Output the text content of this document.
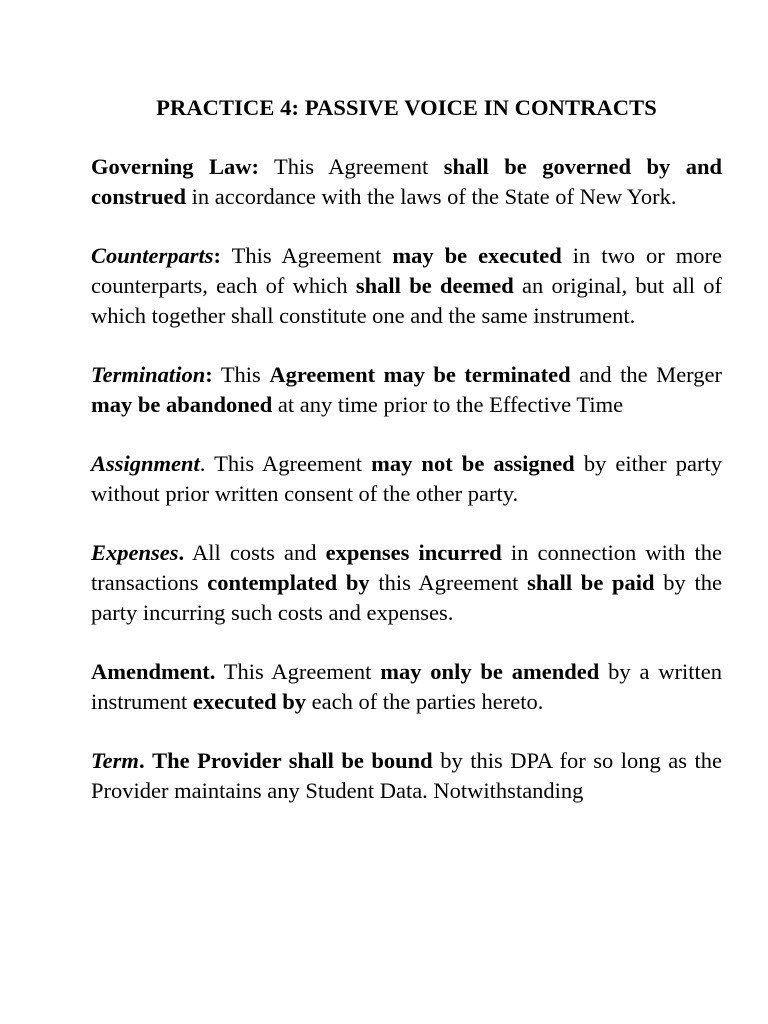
PRACTICE 4: PASSIVE VOICE IN CONTRACTS
Governing Law: This Agreement shall be governed by and construed in accordance with the laws of the State of New York.
Counterparts: This Agreement may be executed in two or more counterparts, each of which shall be deemed an original, but all of which together shall constitute one and the same instrument.
Termination: This Agreement may be terminated and the Merger may be abandoned at any time prior to the Effective Time
Assignment. This Agreement may not be assigned by either party without prior written consent of the other party.
Expenses. All costs and expenses incurred in connection with the transactions contemplated by this Agreement shall be paid by the party incurring such costs and expenses.
Amendment. This Agreement may only be amended by a written instrument executed by each of the parties hereto.
Term. The Provider shall be bound by this DPA for so long as the Provider maintains any Student Data. Notwithstanding
